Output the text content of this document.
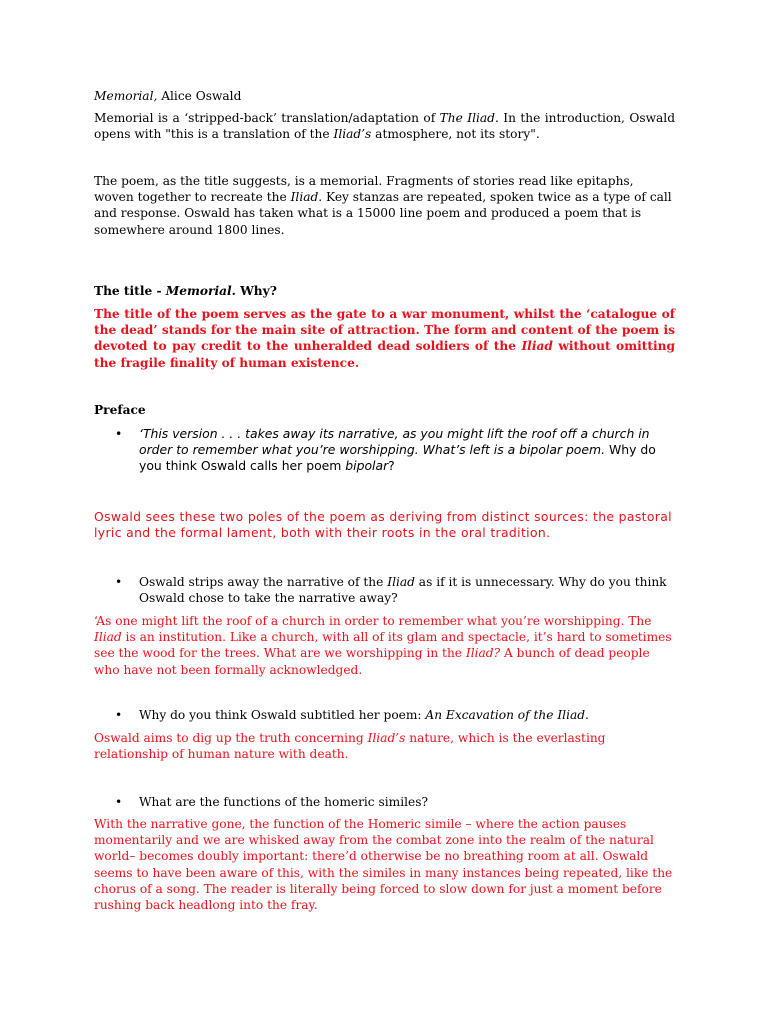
Memorial, Alice Oswald

Memorial is a ‘stripped-back’ translation/adaptation of The Iliad. In the introduction, Oswald opens with "this is a translation of the Iliad’s atmosphere, not its story".

The poem, as the title suggests, is a memorial. Fragments of stories read like epitaphs, woven together to recreate the Iliad. Key stanzas are repeated, spoken twice as a type of call and response. Oswald has taken what is a 15000 line poem and produced a poem that is somewhere around 1800 lines.

The title - Memorial. Why?

The title of the poem serves as the gate to a war monument, whilst the ‘catalogue of the dead’ stands for the main site of attraction. The form and content of the poem is devoted to pay credit to the unheralded dead soldiers of the Iliad without omitting the fragile finality of human existence.

Preface

• ‘This version . . . takes away its narrative, as you might lift the roof off a church in order to remember what you’re worshipping. What’s left is a bipolar poem. Why do you think Oswald calls her poem bipolar?

Oswald sees these two poles of the poem as deriving from distinct sources: the pastoral lyric and the formal lament, both with their roots in the oral tradition.

• Oswald strips away the narrative of the Iliad as if it is unnecessary. Why do you think Oswald chose to take the narrative away?

‘As one might lift the roof of a church in order to remember what you’re worshipping. The Iliad is an institution. Like a church, with all of its glam and spectacle, it’s hard to sometimes see the wood for the trees. What are we worshipping in the Iliad? A bunch of dead people who have not been formally acknowledged.

• Why do you think Oswald subtitled her poem: An Excavation of the Iliad.

Oswald aims to dig up the truth concerning Iliad’s nature, which is the everlasting relationship of human nature with death.

• What are the functions of the homeric similes?

With the narrative gone, the function of the Homeric simile – where the action pauses momentarily and we are whisked away from the combat zone into the realm of the natural world– becomes doubly important: there’d otherwise be no breathing room at all. Oswald seems to have been aware of this, with the similes in many instances being repeated, like the chorus of a song. The reader is literally being forced to slow down for just a moment before rushing back headlong into the fray.
